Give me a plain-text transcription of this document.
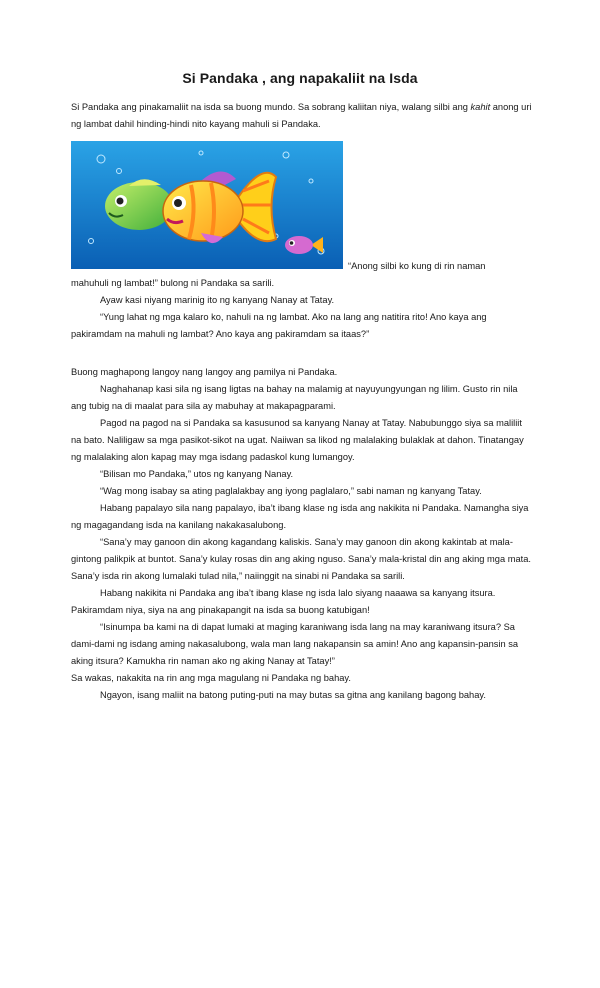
Si Pandaka , ang napakaliit na Isda

Si Pandaka ang pinakamaliit na isda sa buong mundo. Sa sobrang kaliitan niya, walang silbi ang kahit anong uri ng lambat dahil hinding-hindi nito kayang mahuli si Pandaka.

“Anong silbi ko kung di rin naman

mahuhuli ng lambat!” bulong ni Pandaka sa sarili.

Ayaw kasi niyang marinig ito ng kanyang Nanay at Tatay.

“Yung lahat ng mga kalaro ko, nahuli na ng lambat. Ako na lang ang natitira rito! Ano kaya ang pakiramdam na mahuli ng lambat? Ano kaya ang pakiramdam sa itaas?”

Buong maghapong langoy nang langoy ang pamilya ni Pandaka.

Naghahanap kasi sila ng isang ligtas na bahay na malamig at nayuyungyungan ng lilim. Gusto rin nila ang tubig na di maalat para sila ay mabuhay at makapagparami.

Pagod na pagod na si Pandaka sa kasusunod sa kanyang Nanay at Tatay. Nabubunggo siya sa maliliit na bato. Naliligaw sa mga pasikot-sikot na ugat. Naiiwan sa likod ng malalaking bulaklak at dahon. Tinatangay ng malalaking alon kapag may mga isdang padaskol kung lumangoy.

“Bilisan mo Pandaka,” utos ng kanyang Nanay.

“Wag mong isabay sa ating paglalakbay ang iyong paglalaro,” sabi naman ng kanyang Tatay.

Habang papalayo sila nang papalayo, iba’t ibang klase ng isda ang nakikita ni Pandaka. Namangha siya ng magagandang isda na kanilang nakakasalubong.

“Sana’y may ganoon din akong kagandang kaliskis. Sana’y may ganoon din akong kakintab at mala-gintong palikpik at buntot. Sana’y kulay rosas din ang aking nguso. Sana’y mala-kristal din ang aking mga mata. Sana’y isda rin akong lumalaki tulad nila,” naiinggit na sinabi ni Pandaka sa sarili.

Habang nakikita ni Pandaka ang iba’t ibang klase ng isda lalo siyang naaawa sa kanyang itsura. Pakiramdam niya, siya na ang pinakapangit na isda sa buong katubigan!

“Isinumpa ba kami na di dapat lumaki at maging karaniwang isda lang na may karaniwang itsura? Sa dami-dami ng isdang aming nakasalubong, wala man lang nakapansin sa amin! Ano ang kapansin-pansin sa aking itsura? Kamukha rin naman ako ng aking Nanay at Tatay!”

Sa wakas, nakakita na rin ang mga magulang ni Pandaka ng bahay.

Ngayon, isang maliit na batong puting-puti na may butas sa gitna ang kanilang bagong bahay.
